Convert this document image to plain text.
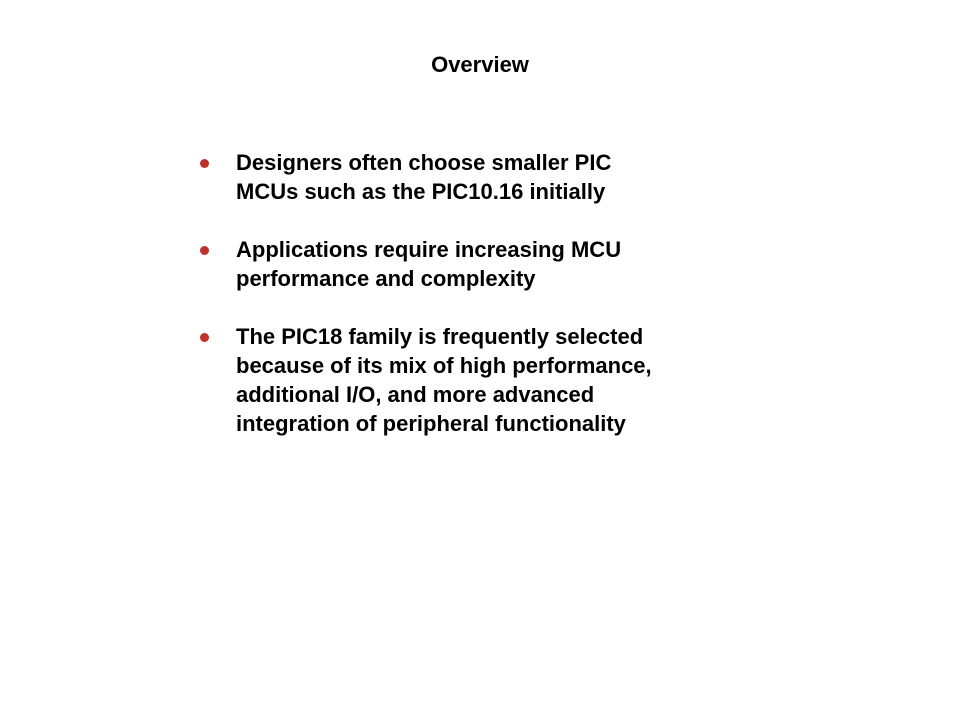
Overview
Designers often choose smaller PIC
MCUs such as the PIC10.16 initially
Applications require increasing MCU
performance and complexity
The PIC18 family is frequently selected
because of its mix of high performance,
additional I/O, and more advanced
integration of peripheral functionality
